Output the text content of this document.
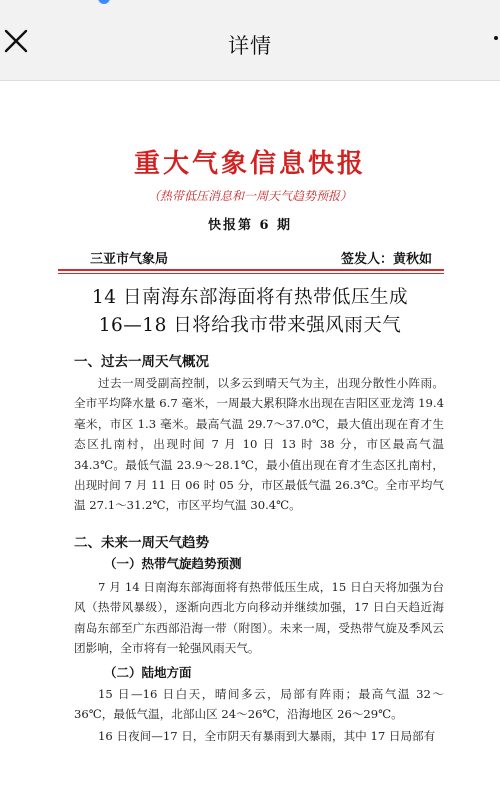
详情
重大气象信息快报
（热带低压消息和一周天气趋势预报）
快报第 6 期
三亚市气象局	签发人：黄秋如
14 日南海东部海面将有热带低压生成
16—18 日将给我市带来强风雨天气
一、过去一周天气概况

过去一周受副高控制，以多云到晴天气为主，出现分散性小阵雨。全市平均降水量 6.7 毫米，一周最大累积降水出现在吉阳区亚龙湾 19.4 毫米，市区 1.3 毫米。最高气温 29.7～37.0℃，最大值出现在育才生态区扎南村，出现时间 7 月 10 日 13 时 38 分，市区最高气温 34.3℃。最低气温 23.9～28.1℃，最小值出现在育才生态区扎南村，出现时间 7 月 11 日 06 时 05 分，市区最低气温 26.3℃。全市平均气温 27.1～31.2℃，市区平均气温 30.4℃。

二、未来一周天气趋势
（一）热带气旋趋势预测

7 月 14 日南海东部海面将有热带低压生成，15 日白天将加强为台风（热带风暴级），逐渐向西北方向移动并继续加强，17 日白天趋近海南岛东部至广东西部沿海一带（附图）。未来一周，受热带气旋及季风云团影响，全市将有一轮强风雨天气。

（二）陆地方面

15 日—16 日白天，晴间多云，局部有阵雨；最高气温 32～36℃，最低气温，北部山区 24～26℃，沿海地区 26～29℃。

16 日夜间—17 日，全市阴天有暴雨到大暴雨，其中 17 日局部有
